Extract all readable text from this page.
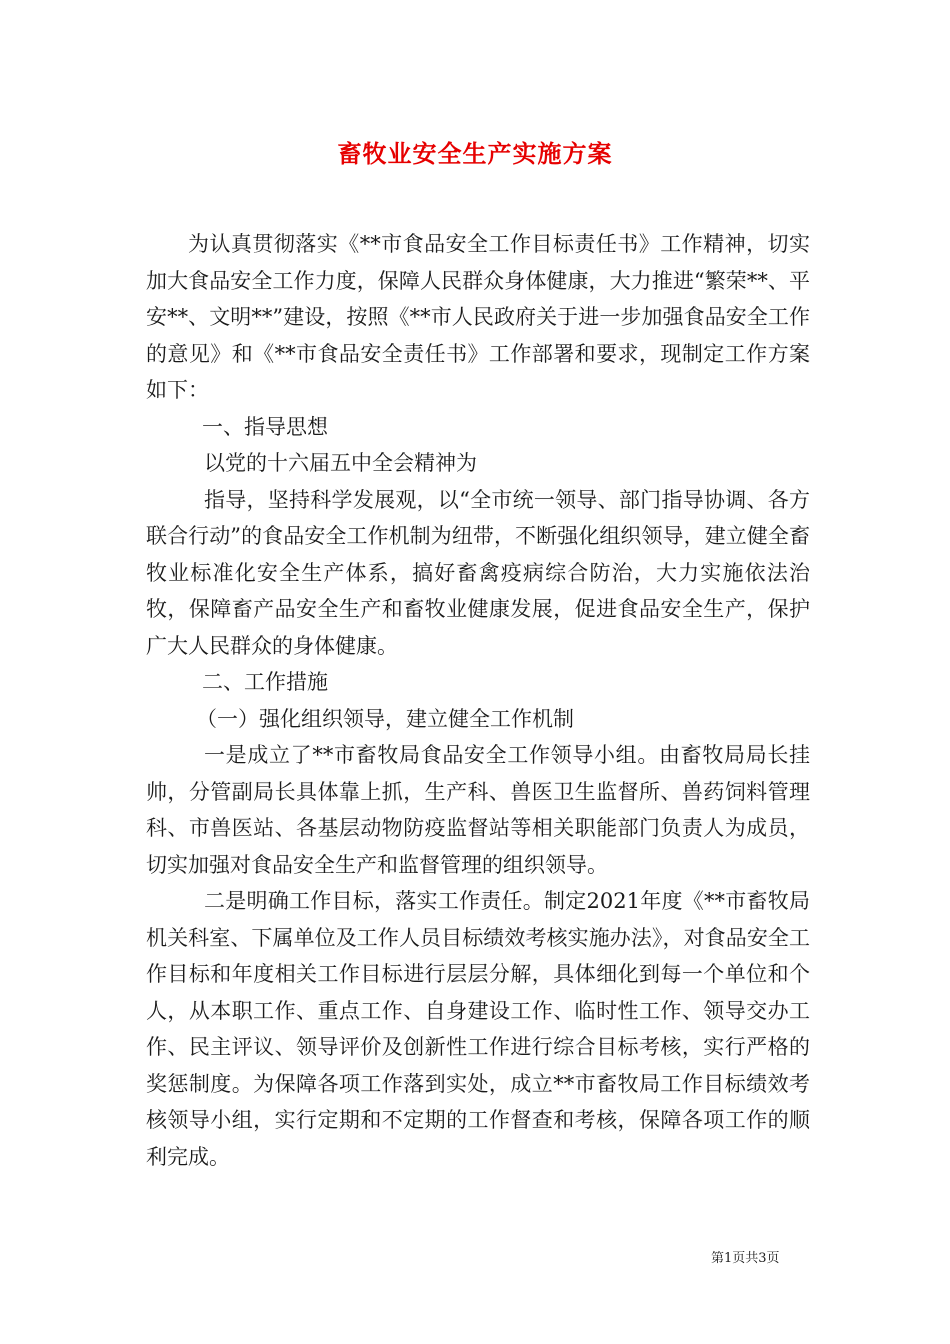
畜牧业安全生产实施方案

为认真贯彻落实《**市食品安全工作目标责任书》工作精神，切实加大食品安全工作力度，保障人民群众身体健康，大力推进“繁荣**、平安**、文明**”建设，按照《**市人民政府关于进一步加强食品安全工作的意见》和《**市食品安全责任书》工作部署和要求，现制定工作方案如下：

一、指导思想

以党的十六届五中全会精神为

指导，坚持科学发展观，以“全市统一领导、部门指导协调、各方联合行动”的食品安全工作机制为纽带，不断强化组织领导，建立健全畜牧业标准化安全生产体系，搞好畜禽疫病综合防治，大力实施依法治牧，保障畜产品安全生产和畜牧业健康发展，促进食品安全生产，保护广大人民群众的身体健康。

二、工作措施

（一）强化组织领导，建立健全工作机制

一是成立了**市畜牧局食品安全工作领导小组。由畜牧局局长挂帅，分管副局长具体靠上抓，生产科、兽医卫生监督所、兽药饲料管理科、市兽医站、各基层动物防疫监督站等相关职能部门负责人为成员，切实加强对食品安全生产和监督管理的组织领导。

二是明确工作目标，落实工作责任。制定2021年度《**市畜牧局机关科室、下属单位及工作人员目标绩效考核实施办法》，对食品安全工作目标和年度相关工作目标进行层层分解，具体细化到每一个单位和个人，从本职工作、重点工作、自身建设工作、临时性工作、领导交办工作、民主评议、领导评价及创新性工作进行综合目标考核，实行严格的奖惩制度。为保障各项工作落到实处，成立**市畜牧局工作目标绩效考核领导小组，实行定期和不定期的工作督查和考核，保障各项工作的顺利完成。

第1页共3页
